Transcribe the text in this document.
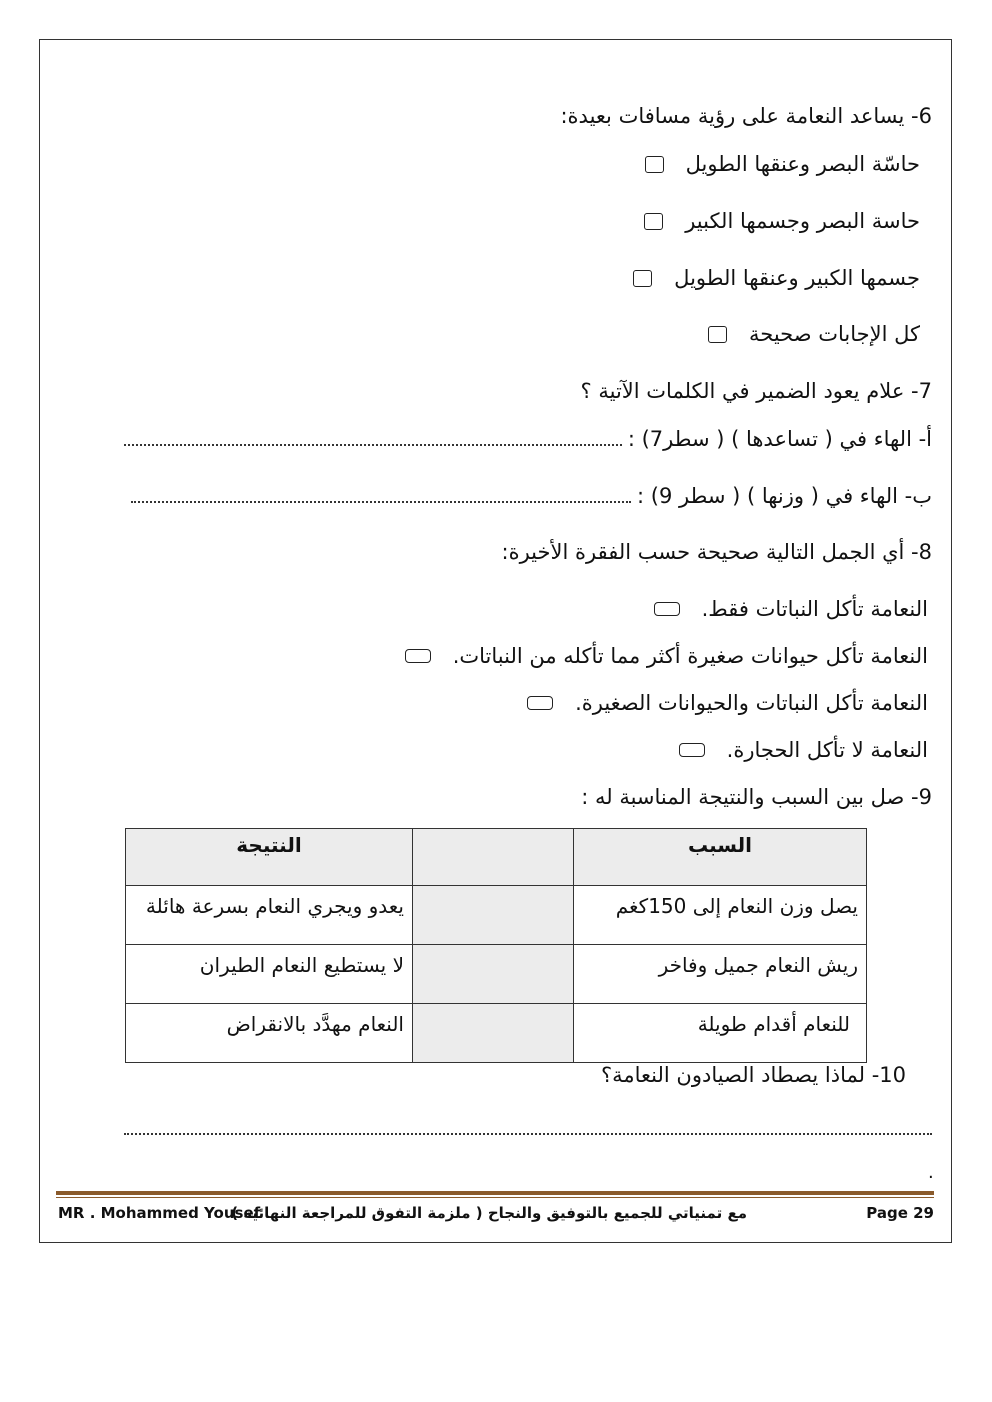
6- يساعد النعامة على رؤية مسافات بعيدة:
حاسّة البصر وعنقها الطويل
حاسة البصر وجسمها الكبير
جسمها الكبير وعنقها الطويل
كل الإجابات صحيحة
7- علام يعود الضمير في الكلمات الآتية ؟
أ- الهاء في ( تساعدها ) ( سطر7) :
ب- الهاء في ( وزنها ) ( سطر 9) :
8- أي الجمل التالية صحيحة حسب الفقرة الأخيرة:
النعامة تأكل النباتات فقط.
النعامة تأكل حيوانات صغيرة أكثر مما تأكله من النباتات.
النعامة تأكل النباتات والحيوانات الصغيرة.
النعامة لا تأكل الحجارة.
9- صل بين السبب والنتيجة المناسبة له :
النتيجة		السبب

يعدو ويجري النعام بسرعة هائلة		يصل وزن النعام إلى 150كغم

لا يستطيع النعام الطيران		ريش النعام جميل وفاخر

النعام مهدَّد بالانقراض		للنعام أقدام طويلة
10- لماذا يصطاد الصيادون النعامة؟
.
MR . Mohammed Yousef
مع تمنياتي للجميع بالتوفيق والنجاح ( ملزمة التفوق للمراجعة النهائية )	Page 29
